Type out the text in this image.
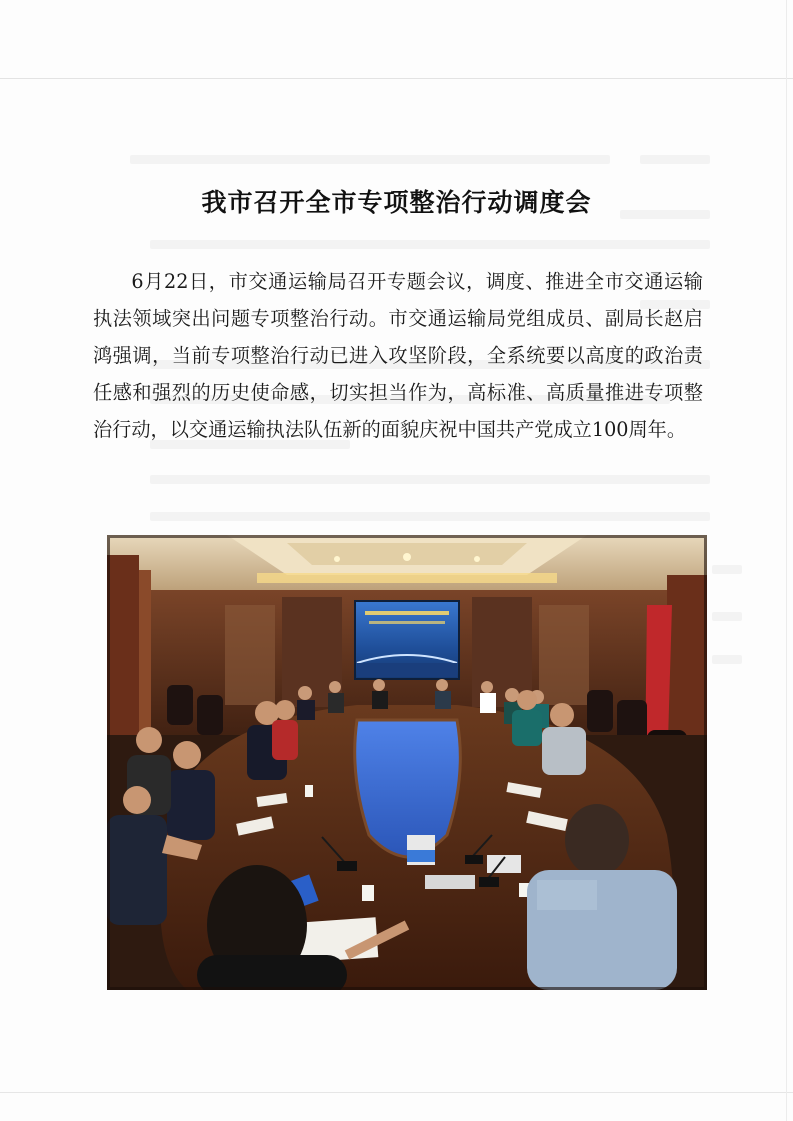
我市召开全市专项整治行动调度会

6月22日，市交通运输局召开专题会议，调度、推进全市交通运输执法领域突出问题专项整治行动。市交通运输局党组成员、副局长赵启鸿强调，当前专项整治行动已进入攻坚阶段，全系统要以高度的政治责任感和强烈的历史使命感，切实担当作为，高标准、高质量推进专项整治行动，以交通运输执法队伍新的面貌庆祝中国共产党成立100周年。
